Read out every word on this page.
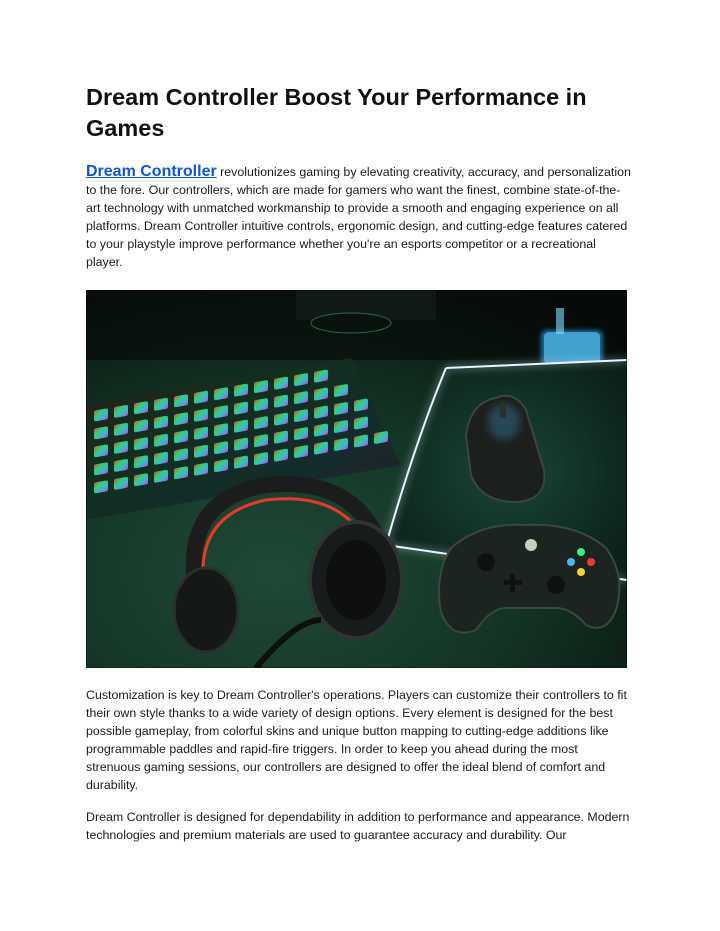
Dream Controller Boost Your Performance in Games

Dream Controller revolutionizes gaming by elevating creativity, accuracy, and personalization to the fore. Our controllers, which are made for gamers who want the finest, combine state-of-the-art technology with unmatched workmanship to provide a smooth and engaging experience on all platforms. Dream Controller intuitive controls, ergonomic design, and cutting-edge features catered to your playstyle improve performance whether you're an esports competitor or a recreational player.

Customization is key to Dream Controller's operations. Players can customize their controllers to fit their own style thanks to a wide variety of design options. Every element is designed for the best possible gameplay, from colorful skins and unique button mapping to cutting-edge additions like programmable paddles and rapid-fire triggers. In order to keep you ahead during the most strenuous gaming sessions, our controllers are designed to offer the ideal blend of comfort and durability.

Dream Controller is designed for dependability in addition to performance and appearance. Modern technologies and premium materials are used to guarantee accuracy and durability. Our
